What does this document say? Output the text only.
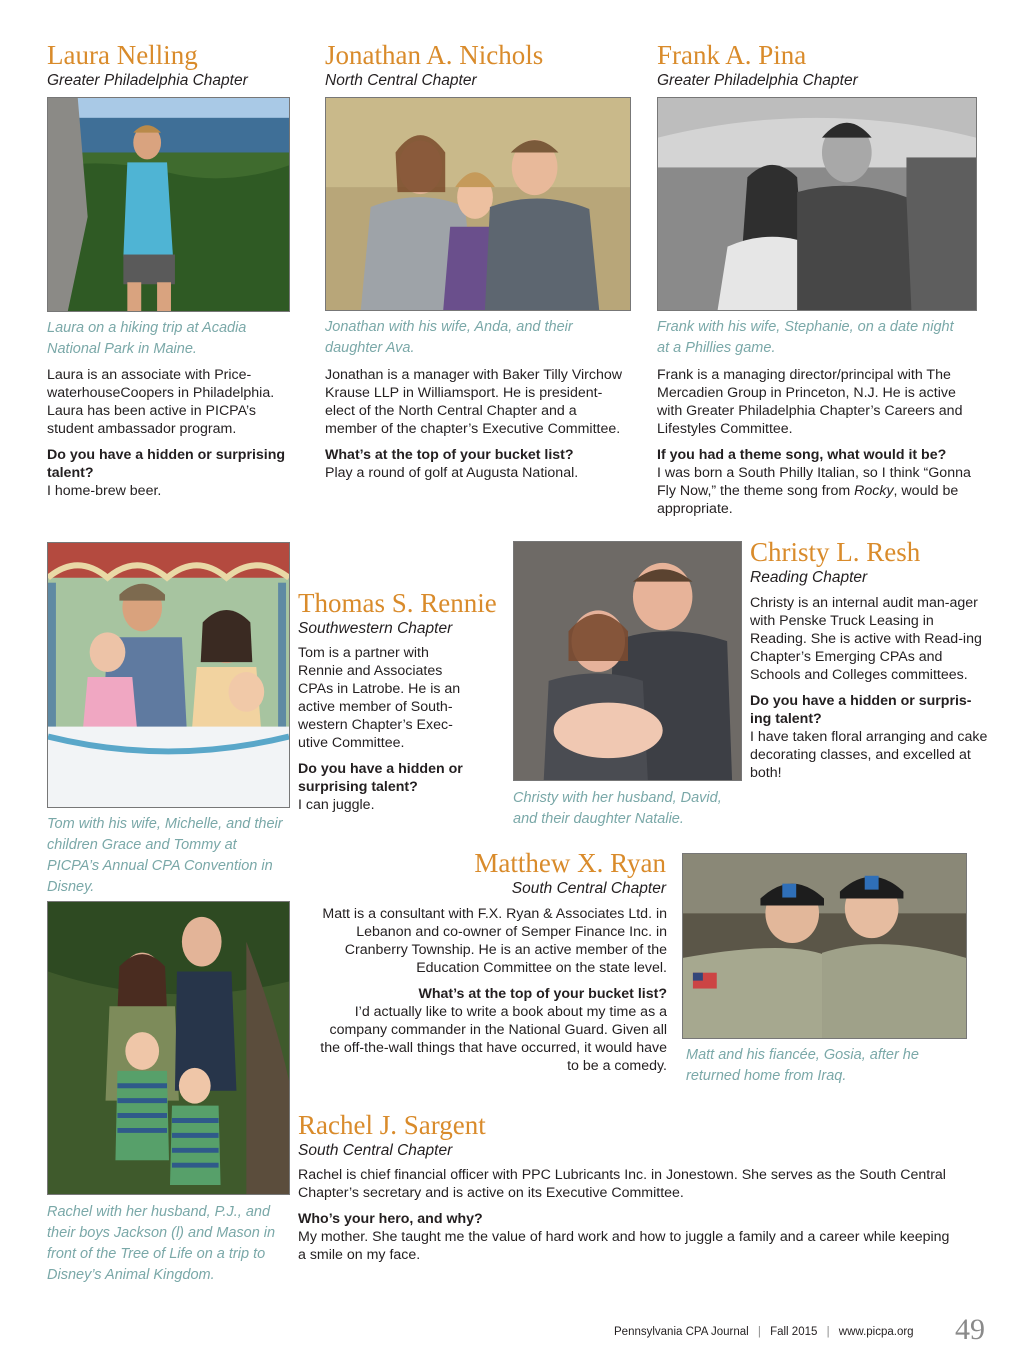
Laura Nelling
Greater Philadelphia Chapter
Laura on a hiking trip at Acadia National Park in Maine.

Laura is an associate with Price-waterhouseCoopers in Philadelphia. Laura has been active in PICPA’s student ambassador program.

Do you have a hidden or surprising talent?
I home-brew beer.
Jonathan A. Nichols
North Central Chapter
Jonathan with his wife, Anda, and their daughter Ava.

Jonathan is a manager with Baker Tilly Virchow Krause LLP in Williamsport. He is president-elect of the North Central Chapter and a member of the chapter’s Executive Committee.

What’s at the top of your bucket list?
Play a round of golf at Augusta National.
Frank A. Pina
Greater Philadelphia Chapter
Frank with his wife, Stephanie, on a date night at a Phillies game.

Frank is a managing director/principal with The Mercadien Group in Princeton, N.J. He is active with Greater Philadelphia Chapter’s Careers and Lifestyles Committee.

If you had a theme song, what would it be?
I was born a South Philly Italian, so I think “Gonna Fly Now,” the theme song from Rocky, would be appropriate.
Tom with his wife, Michelle, and their children Grace and Tommy at PICPA’s Annual CPA Convention in Disney.
Thomas S. Rennie
Southwestern Chapter

Tom is a partner with Rennie and Associates CPAs in Latrobe. He is an active member of South-western Chapter’s Exec-utive Committee.

Do you have a hidden or surprising talent?
I can juggle.	Christy with her husband, David, and their daughter Natalie.
Christy L. Resh
Reading Chapter

Christy is an internal audit man-ager with Penske Truck Leasing in Reading. She is active with Read-ing Chapter’s Emerging CPAs and Schools and Colleges committees.

Do you have a hidden or surpris-ing talent?
I have taken floral arranging and cake decorating classes, and excelled at both!
Matthew X. Ryan
South Central Chapter

Matt is a consultant with F.X. Ryan & Associates Ltd. in Lebanon and co-owner of Semper Finance Inc. in Cranberry Township. He is an active member of the Education Committee on the state level.

What’s at the top of your bucket list?
I’d actually like to write a book about my time as a company commander in the National Guard. Given all the off-the-wall things that have occurred, it would have to be a comedy.
Matt and his fiancée, Gosia, after he returned home from Iraq.
Rachel with her husband, P.J., and their boys Jackson (l) and Mason in front of the Tree of Life on a trip to Disney’s Animal Kingdom.
Rachel J. Sargent
South Central Chapter

Rachel is chief financial officer with PPC Lubricants Inc. in Jonestown. She serves as the South Central Chapter’s secretary and is active on its Executive Committee.

Who’s your hero, and why?
My mother. She taught me the value of hard work and how to juggle a family and a career while keeping a smile on my face.
Pennsylvania CPA Journal | Fall 2015 | www.picpa.org 49
